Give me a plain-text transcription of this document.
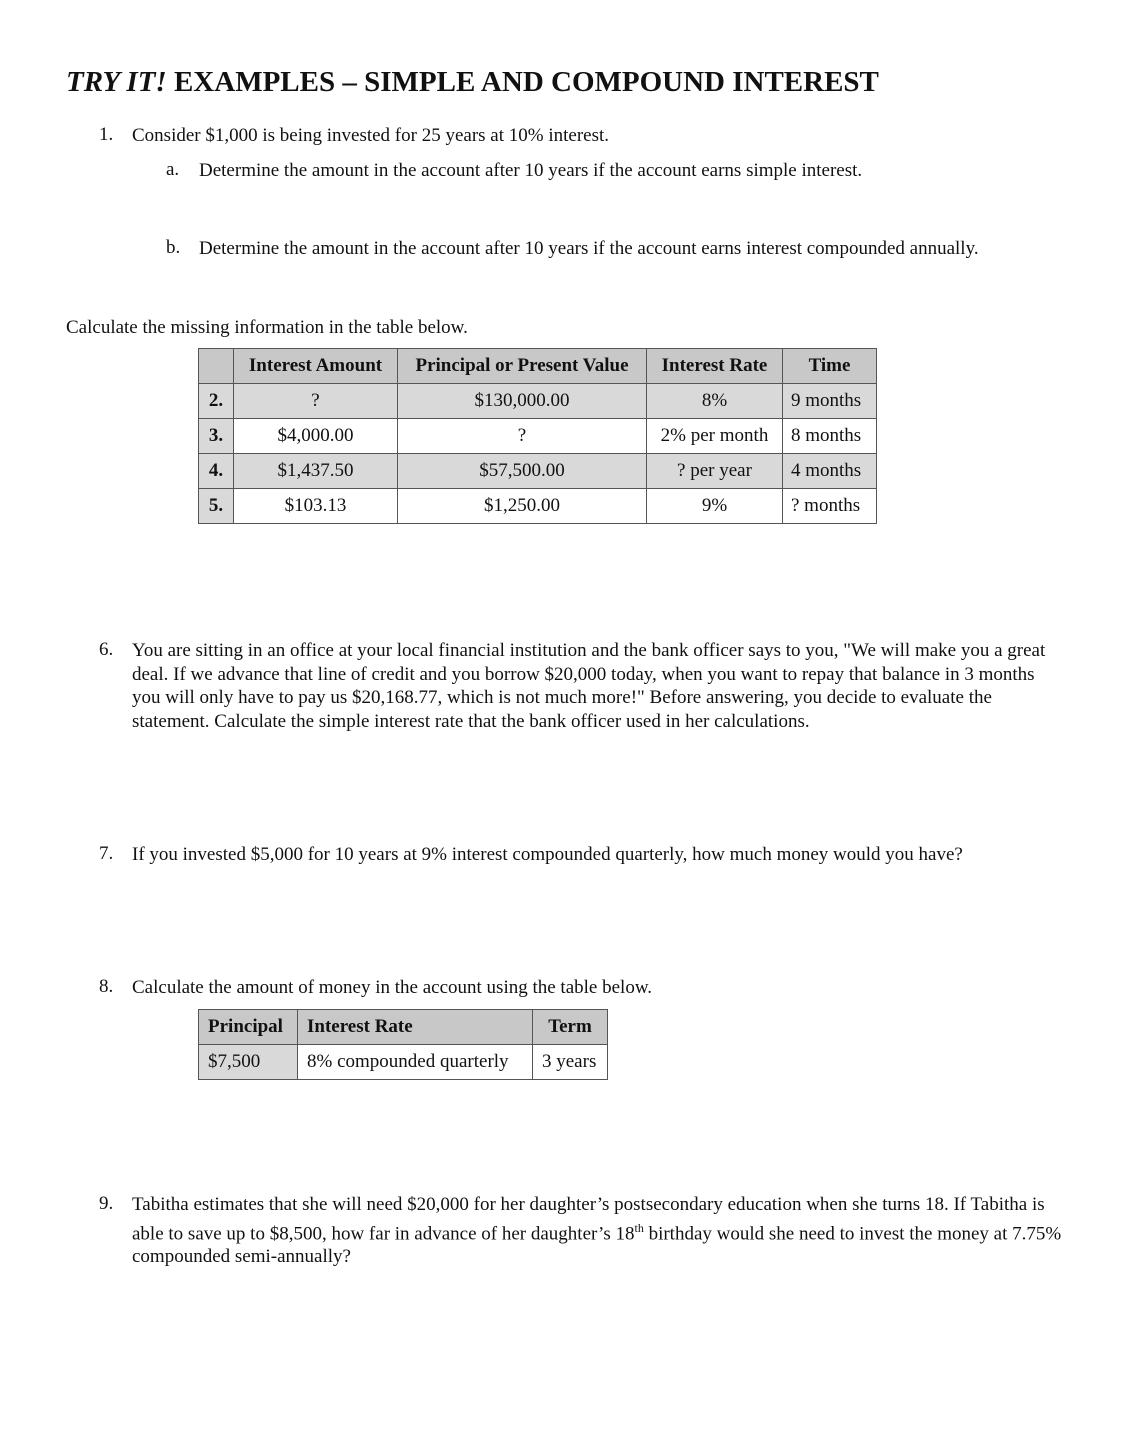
TRY IT! EXAMPLES – SIMPLE AND COMPOUND INTEREST
1. Consider $1,000 is being invested for 25 years at 10% interest.
a. Determine the amount in the account after 10 years if the account earns simple interest.
b. Determine the amount in the account after 10 years if the account earns interest compounded annually.
Calculate the missing information in the table below.
	Interest Amount	Principal or Present Value	Interest Rate	Time
2.	?	$130,000.00	8%	9 months
3.	$4,000.00	?	2% per month	8 months
4.	$1,437.50	$57,500.00	? per year	4 months
5.	$103.13	$1,250.00	9%	? months
6. You are sitting in an office at your local financial institution and the bank officer says to you, "We will make you a great deal. If we advance that line of credit and you borrow $20,000 today, when you want to repay that balance in 3 months you will only have to pay us $20,168.77, which is not much more!" Before answering, you decide to evaluate the statement. Calculate the simple interest rate that the bank officer used in her calculations.
7. If you invested $5,000 for 10 years at 9% interest compounded quarterly, how much money would you have?
8. Calculate the amount of money in the account using the table below.
Principal	Interest Rate	Term
$7,500	8% compounded quarterly	3 years
9. Tabitha estimates that she will need $20,000 for her daughter’s postsecondary education when she turns 18. If Tabitha is able to save up to $8,500, how far in advance of her daughter’s 18th birthday would she need to invest the money at 7.75% compounded semi-annually?
